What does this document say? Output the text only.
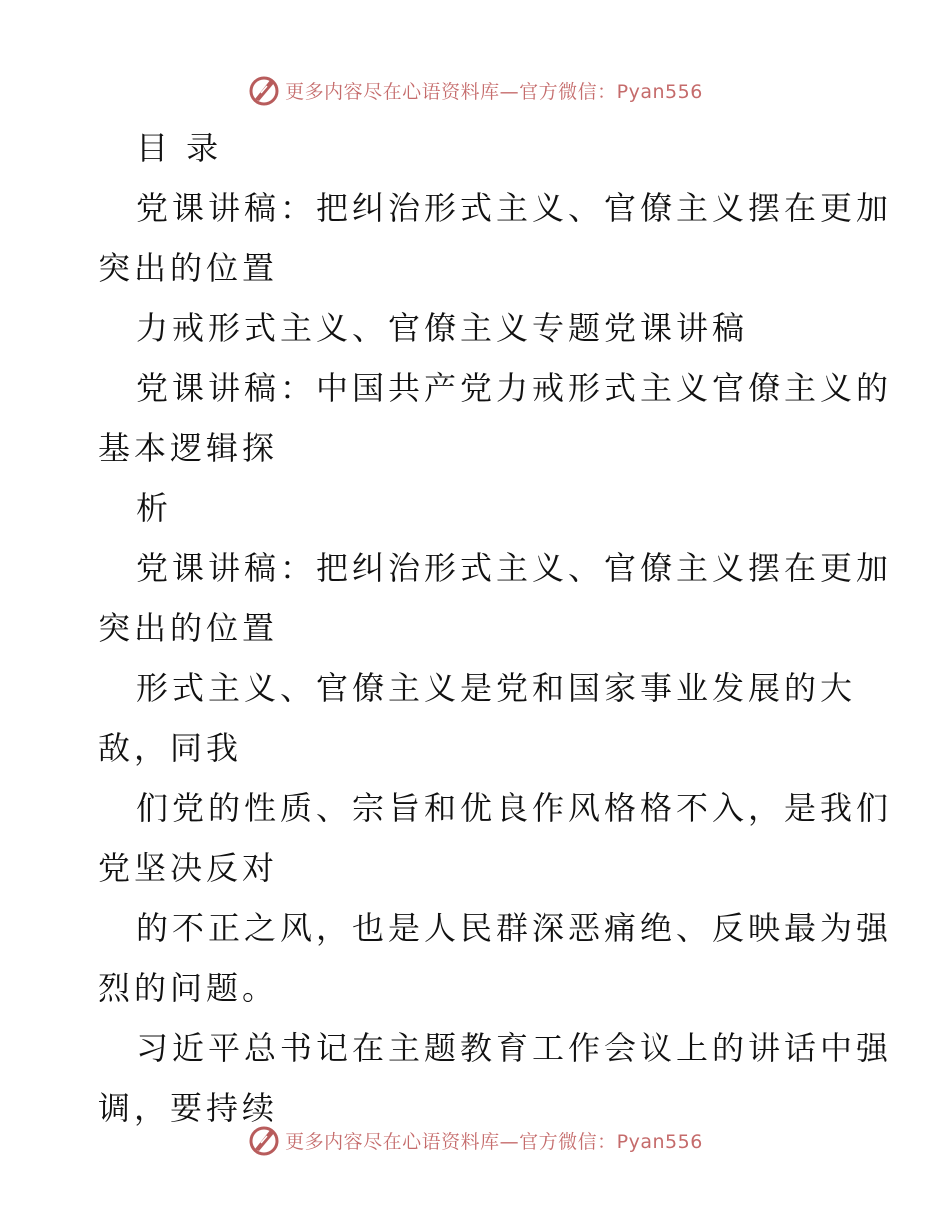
更多内容尽在心语资料库—官方微信：Pyan556
目 录
党课讲稿：把纠治形式主义、官僚主义摆在更加
突出的位置
力戒形式主义、官僚主义专题党课讲稿
党课讲稿：中国共产党力戒形式主义官僚主义的
基本逻辑探
析
党课讲稿：把纠治形式主义、官僚主义摆在更加
突出的位置
形式主义、官僚主义是党和国家事业发展的大
敌，同我
们党的性质、宗旨和优良作风格格不入，是我们
党坚决反对
的不正之风，也是人民群深恶痛绝、反映最为强
烈的问题。
习近平总书记在主题教育工作会议上的讲话中强
调，要持续
更多内容尽在心语资料库—官方微信：Pyan556
